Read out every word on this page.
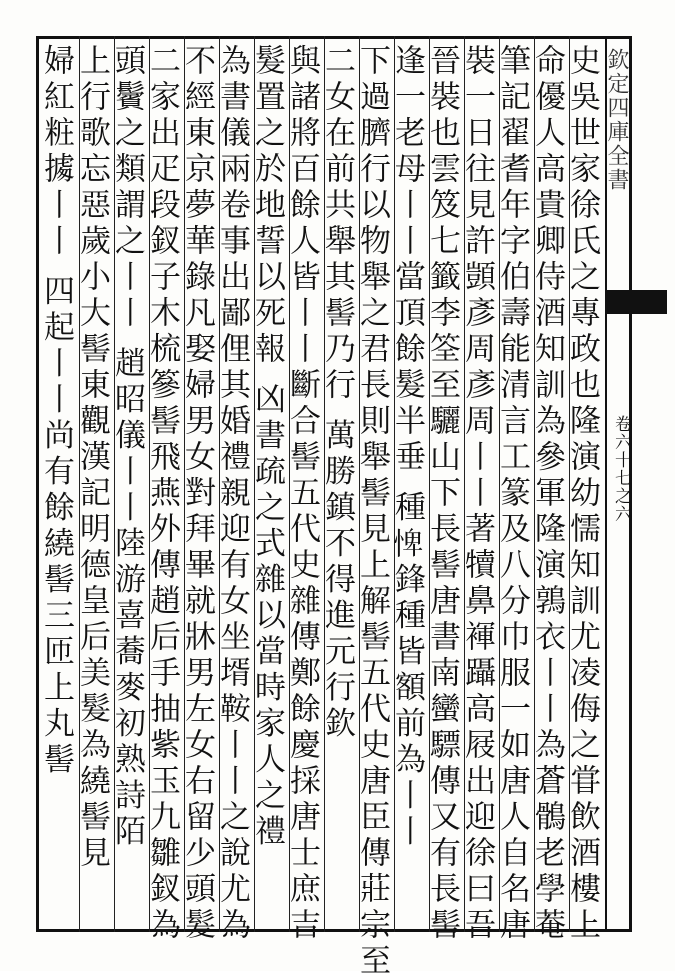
欽定四庫全書
卷六十七之六
史吳世家徐氏之專政也隆演幼懦知訓尤凌侮之甞飲酒樓上
命優人高貴卿侍酒知訓為參軍隆演鶉衣丨丨為蒼鶻老學菴
筆記翟耆年字伯壽能清言工篆及八分巾服一如唐人自名唐
裝一日往見許顗彥周彥周丨丨著犢鼻褌躡高屐出迎徐曰吾
晉裝也雲笈七籤李筌至驪山下長髻唐書南蠻驃傳又有長髻
逢一老母丨丨當頂餘髮半垂 種𢛞鋒種皆額前為丨丨
下過臍行以物舉之君長則舉髻見上解髻五代史唐臣傳莊宗至
二女在前共舉其髻乃行 萬勝鎮不得進元行欽
與諸將百餘人皆丨丨斷合髻五代史雜傳鄭餘慶採唐士庶吉
髮置之於地誓以死報 凶書疏之式雜以當時家人之禮
為書儀兩卷事出鄙俚其婚禮親迎有女坐壻鞍丨丨之說尤為
不經東京夢華錄凡娶婦男女對拜畢就牀男左女右留少頭髮
二家出疋段釵子木梳篸髻飛燕外傳趙后手抽紫玉九雛釵為
頭鬢之類謂之丨丨 趙昭儀丨丨陸游喜蕎麥初熟詩陌
上行歌忘惡歲小大髻東觀漢記明德皇后美髮為繞髻見
婦紅粧㩀丨丨 四起丨丨尚有餘繞髻三匝上丸髻
